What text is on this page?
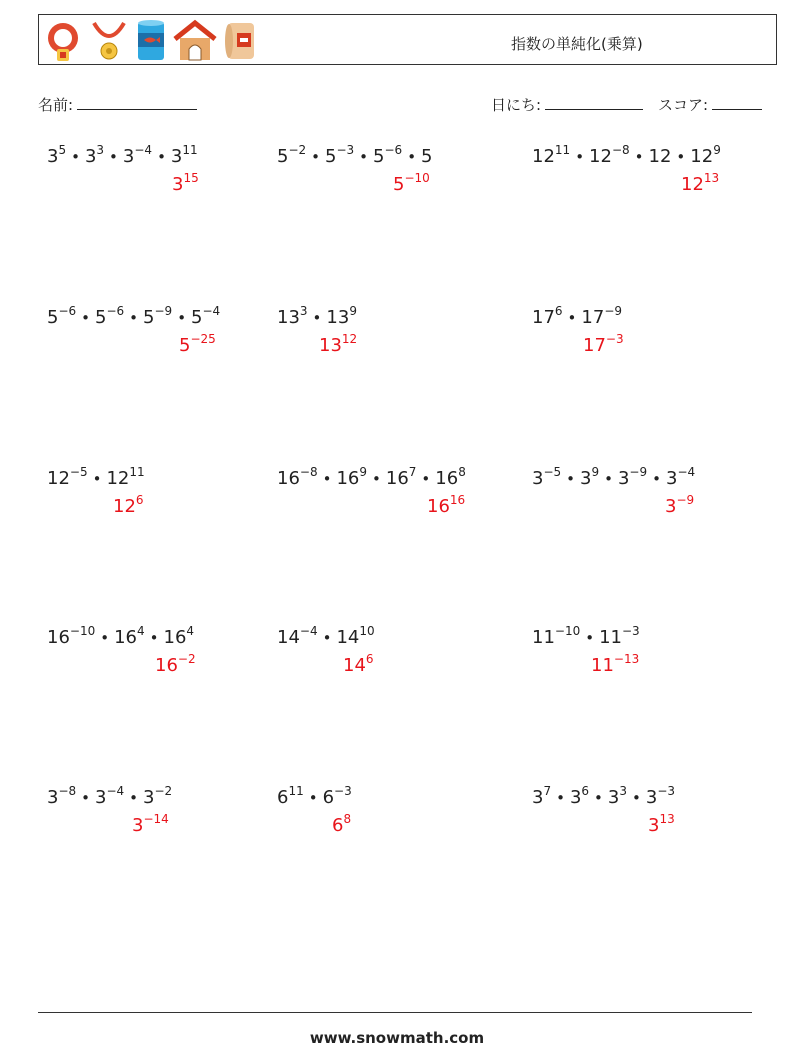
指数の単純化(乗算)
名前:	日にち:	スコア:
$3^5$ • $3^3$ • $3^{-4}$ • $3^{11}$
$3^{15}$
$5^{-2}$ • $5^{-3}$ • $5^{-6}$ • 5
$5^{-10}$
$12^{11}$ • $12^{-8}$ • 12 • $12^9$
$12^{13}$
$5^{-6}$ • $5^{-6}$ • $5^{-9}$ • $5^{-4}$
$5^{-25}$
$13^3$ • $13^9$
$13^{12}$
$17^6$ • $17^{-9}$
$17^{-3}$
$12^{-5}$ • $12^{11}$
$12^6$
$16^{-8}$ • $16^9$ • $16^7$ • $16^8$
$16^{16}$
$3^{-5}$ • $3^9$ • $3^{-9}$ • $3^{-4}$
$3^{-9}$
$16^{-10}$ • $16^4$ • $16^4$
$16^{-2}$
$14^{-4}$ • $14^{10}$
$14^6$
$11^{-10}$ • $11^{-3}$
$11^{-13}$
$3^{-8}$ • $3^{-4}$ • $3^{-2}$
$3^{-14}$
$6^{11}$ • $6^{-3}$
$6^8$
$3^7$ • $3^6$ • $3^3$ • $3^{-3}$
$3^{13}$
www.snowmath.com
